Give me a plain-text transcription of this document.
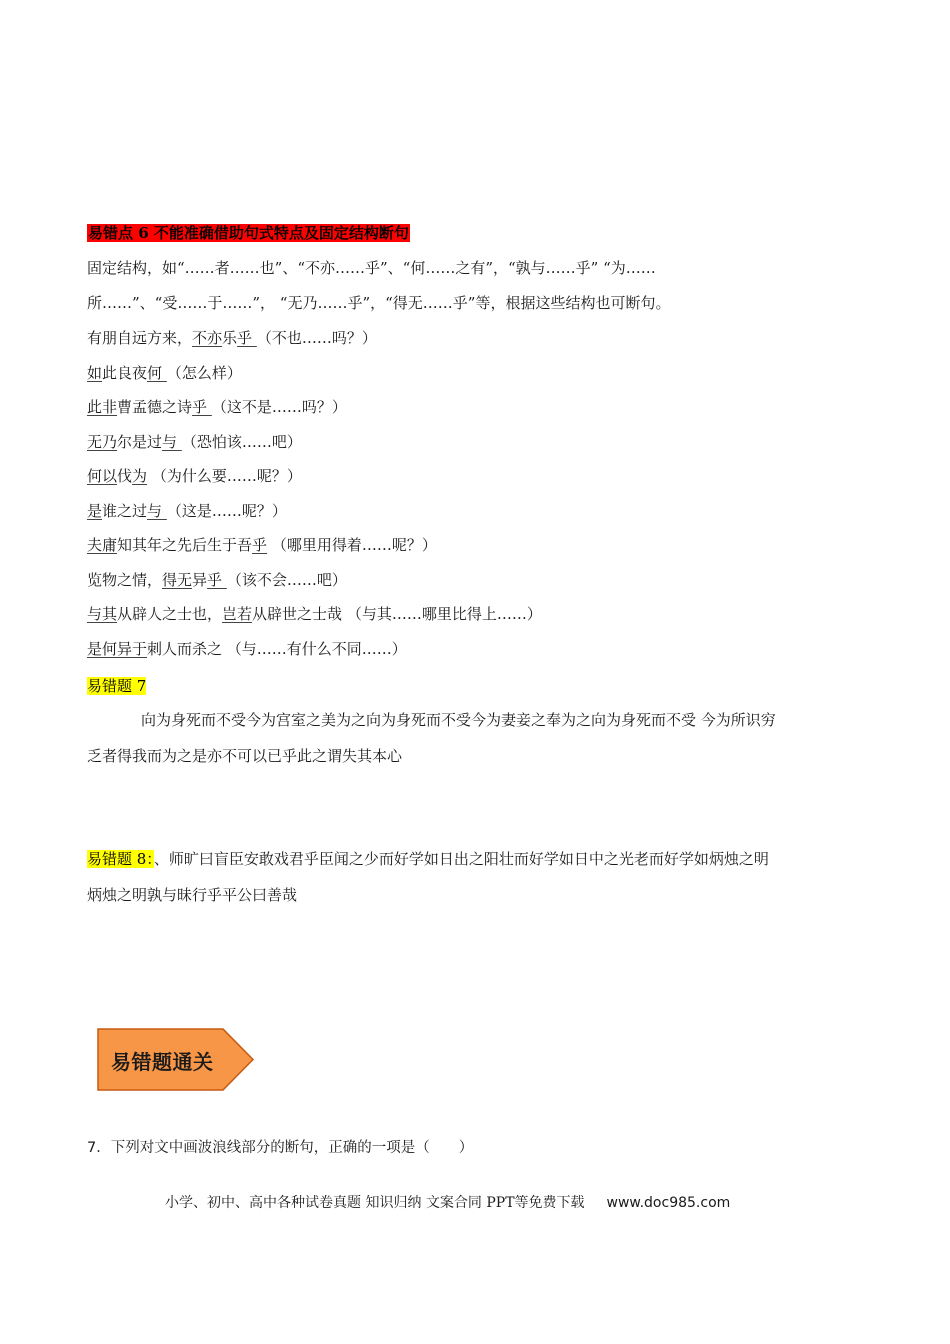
易错点 6 不能准确借助句式特点及固定结构断句
固定结构，如“……者……也”、“不亦……乎”、“何……之有”，“孰与……乎” “为……
所……”、“受……于……”， “无乃……乎”，“得无……乎”等，根据这些结构也可断句。
有朋自远方来，不亦乐乎 （不也……吗？）
如此良夜何 （怎么样）
此非曹孟德之诗乎 （这不是……吗？）
无乃尔是过与 （恐怕该……吧）
何以伐为 （为什么要……呢？）
是谁之过与 （这是……呢？）
夫庸知其年之先后生于吾乎 （哪里用得着……呢？）
览物之情，得无异乎 （该不会……吧）
与其从辟人之士也，岂若从辟世之士哉 （与其……哪里比得上……）
是何异于刺人而杀之 （与……有什么不同……）
易错题 7
向为身死而不受今为宫室之美为之向为身死而不受今为妻妾之奉为之向为身死而不受 今为所识穷
乏者得我而为之是亦不可以已乎此之谓失其本心
易错题 8：、师旷曰盲臣安敢戏君乎臣闻之少而好学如日出之阳壮而好学如日中之光老而好学如炳烛之明
炳烛之明孰与昧行乎平公曰善哉
易错题通关
7．下列对文中画波浪线部分的断句，正确的一项是（　　）
小学、初中、高中各种试卷真题 知识归纳 文案合同 PPT等免费下载 www.doc985.com
